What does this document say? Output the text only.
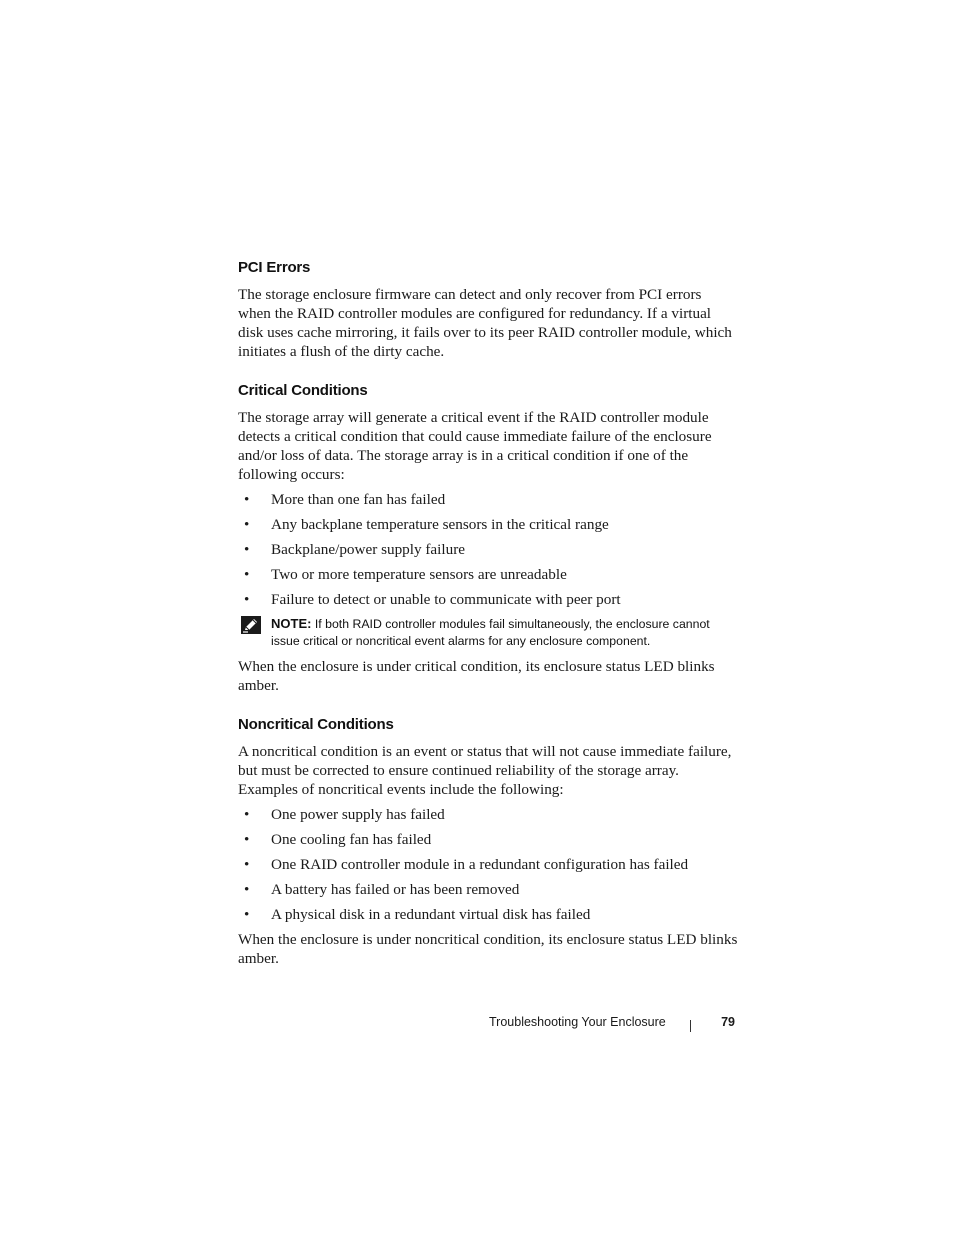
PCI Errors

The storage enclosure firmware can detect and only recover from PCI errors when the RAID controller modules are configured for redundancy. If a virtual disk uses cache mirroring, it fails over to its peer RAID controller module, which initiates a flush of the dirty cache.

Critical Conditions

The storage array will generate a critical event if the RAID controller module detects a critical condition that could cause immediate failure of the enclosure and/or loss of data. The storage array is in a critical condition if one of the following occurs:

• More than one fan has failed
• Any backplane temperature sensors in the critical range
• Backplane/power supply failure
• Two or more temperature sensors are unreadable
• Failure to detect or unable to communicate with peer port
NOTE: If both RAID controller modules fail simultaneously, the enclosure cannot issue critical or noncritical event alarms for any enclosure component.

When the enclosure is under critical condition, its enclosure status LED blinks amber.

Noncritical Conditions

A noncritical condition is an event or status that will not cause immediate failure, but must be corrected to ensure continued reliability of the storage array. Examples of noncritical events include the following:

• One power supply has failed
• One cooling fan has failed
• One RAID controller module in a redundant configuration has failed
• A battery has failed or has been removed
• A physical disk in a redundant virtual disk has failed

When the enclosure is under noncritical condition, its enclosure status LED blinks amber.

Troubleshooting Your Enclosure	79
